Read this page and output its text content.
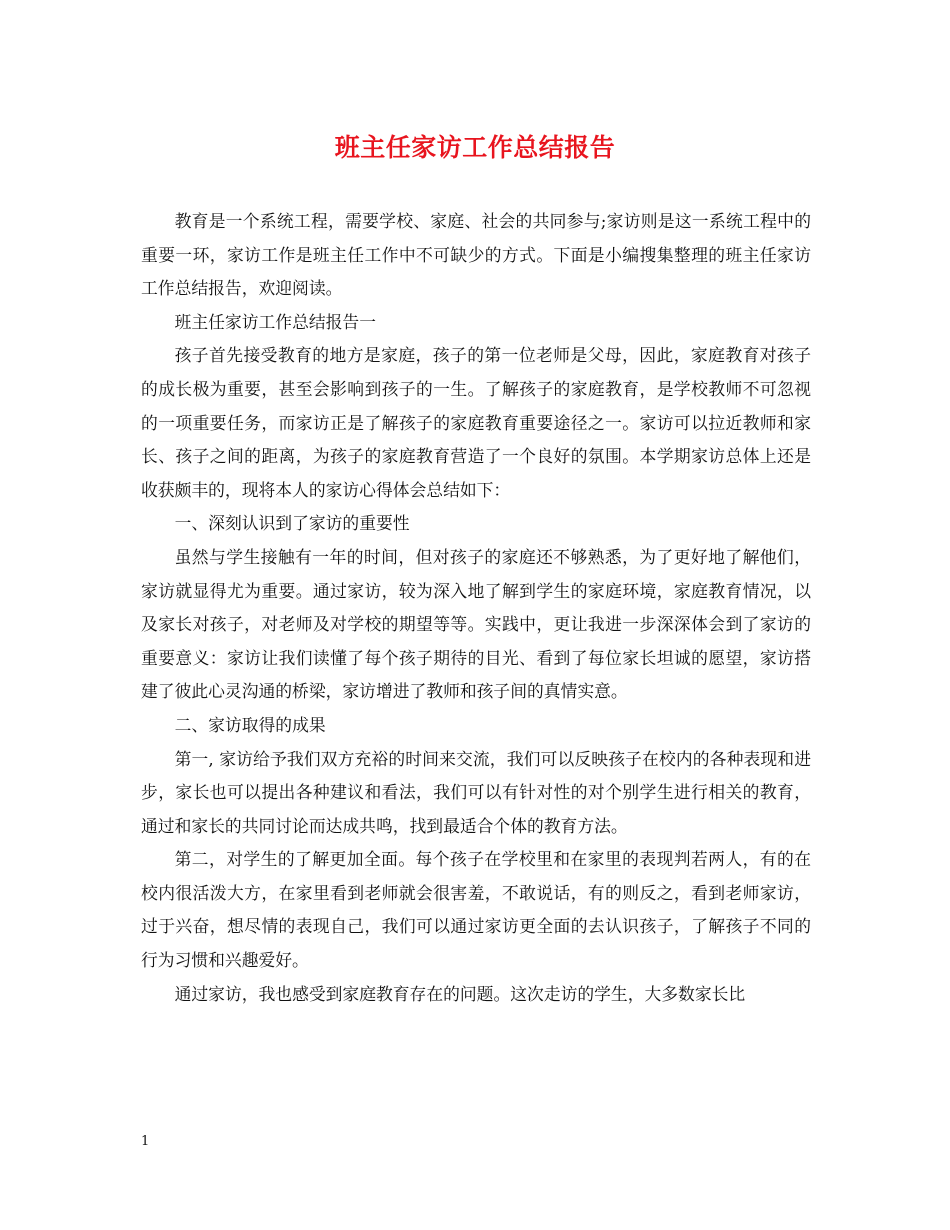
班主任家访工作总结报告

教育是一个系统工程，需要学校、家庭、社会的共同参与;家访则是这一系统工程中的重要一环，家访工作是班主任工作中不可缺少的方式。下面是小编搜集整理的班主任家访工作总结报告，欢迎阅读。

班主任家访工作总结报告一

孩子首先接受教育的地方是家庭，孩子的第一位老师是父母，因此，家庭教育对孩子的成长极为重要，甚至会影响到孩子的一生。了解孩子的家庭教育，是学校教师不可忽视的一项重要任务，而家访正是了解孩子的家庭教育重要途径之一。家访可以拉近教师和家长、孩子之间的距离，为孩子的家庭教育营造了一个良好的氛围。本学期家访总体上还是收获颇丰的，现将本人的家访心得体会总结如下：

一、深刻认识到了家访的重要性

虽然与学生接触有一年的时间，但对孩子的家庭还不够熟悉，为了更好地了解他们，家访就显得尤为重要。通过家访，较为深入地了解到学生的家庭环境，家庭教育情况，以及家长对孩子，对老师及对学校的期望等等。实践中，更让我进一步深深体会到了家访的重要意义：家访让我们读懂了每个孩子期待的目光、看到了每位家长坦诚的愿望，家访搭建了彼此心灵沟通的桥梁，家访增进了教师和孩子间的真情实意。

二、家访取得的成果

第一, 家访给予我们双方充裕的时间来交流，我们可以反映孩子在校内的各种表现和进步，家长也可以提出各种建议和看法，我们可以有针对性的对个别学生进行相关的教育，通过和家长的共同讨论而达成共鸣，找到最适合个体的教育方法。

第二，对学生的了解更加全面。每个孩子在学校里和在家里的表现判若两人，有的在校内很活泼大方，在家里看到老师就会很害羞，不敢说话，有的则反之，看到老师家访，过于兴奋，想尽情的表现自己，我们可以通过家访更全面的去认识孩子，了解孩子不同的行为习惯和兴趣爱好。

通过家访，我也感受到家庭教育存在的问题。这次走访的学生，大多数家长比

1
